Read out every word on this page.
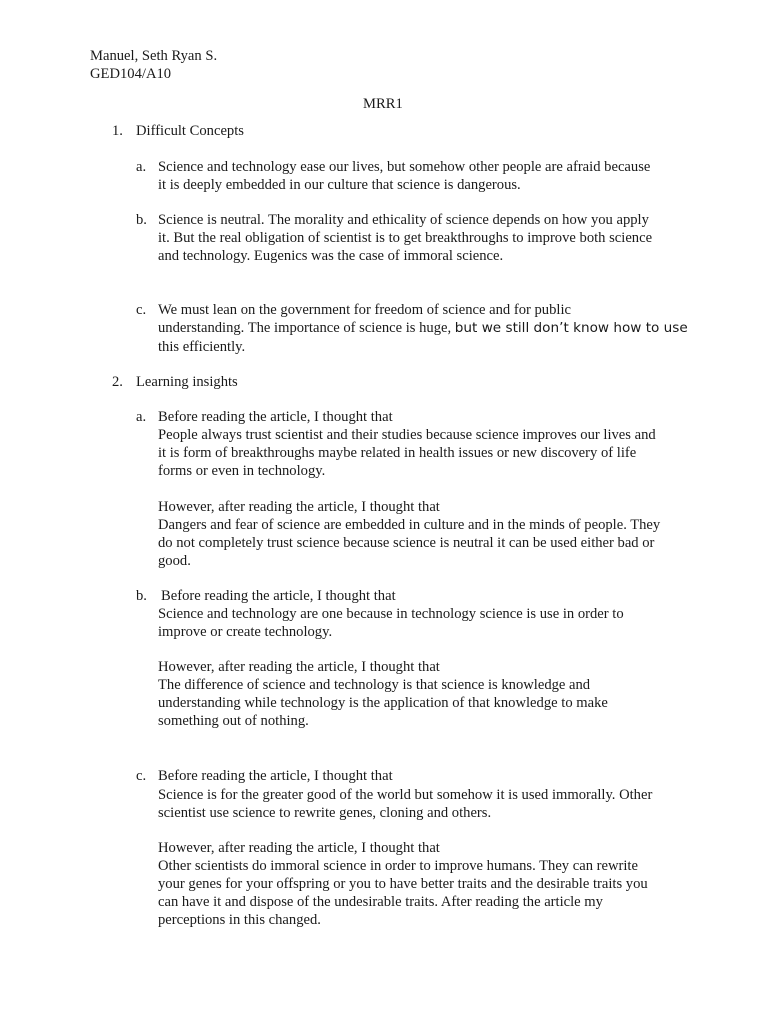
Manuel, Seth Ryan S.
GED104/A10
MRR1
1. Difficult Concepts
a. Science and technology ease our lives, but somehow other people are afraid because
it is deeply embedded in our culture that science is dangerous.
b. Science is neutral. The morality and ethicality of science depends on how you apply
it. But the real obligation of scientist is to get breakthroughs to improve both science
and technology. Eugenics was the case of immoral science.
c. We must lean on the government for freedom of science and for public
understanding. The importance of science is huge, but we still don’t know how to use
this efficiently.
2. Learning insights
a. Before reading the article, I thought that
People always trust scientist and their studies because science improves our lives and
it is form of breakthroughs maybe related in health issues or new discovery of life
forms or even in technology.
However, after reading the article, I thought that
Dangers and fear of science are embedded in culture and in the minds of people. They
do not completely trust science because science is neutral it can be used either bad or
good.
b. Before reading the article, I thought that
Science and technology are one because in technology science is use in order to
improve or create technology.
However, after reading the article, I thought that
The difference of science and technology is that science is knowledge and
understanding while technology is the application of that knowledge to make
something out of nothing.
c. Before reading the article, I thought that
Science is for the greater good of the world but somehow it is used immorally. Other
scientist use science to rewrite genes, cloning and others.
However, after reading the article, I thought that
Other scientists do immoral science in order to improve humans. They can rewrite
your genes for your offspring or you to have better traits and the desirable traits you
can have it and dispose of the undesirable traits. After reading the article my
perceptions in this changed.
